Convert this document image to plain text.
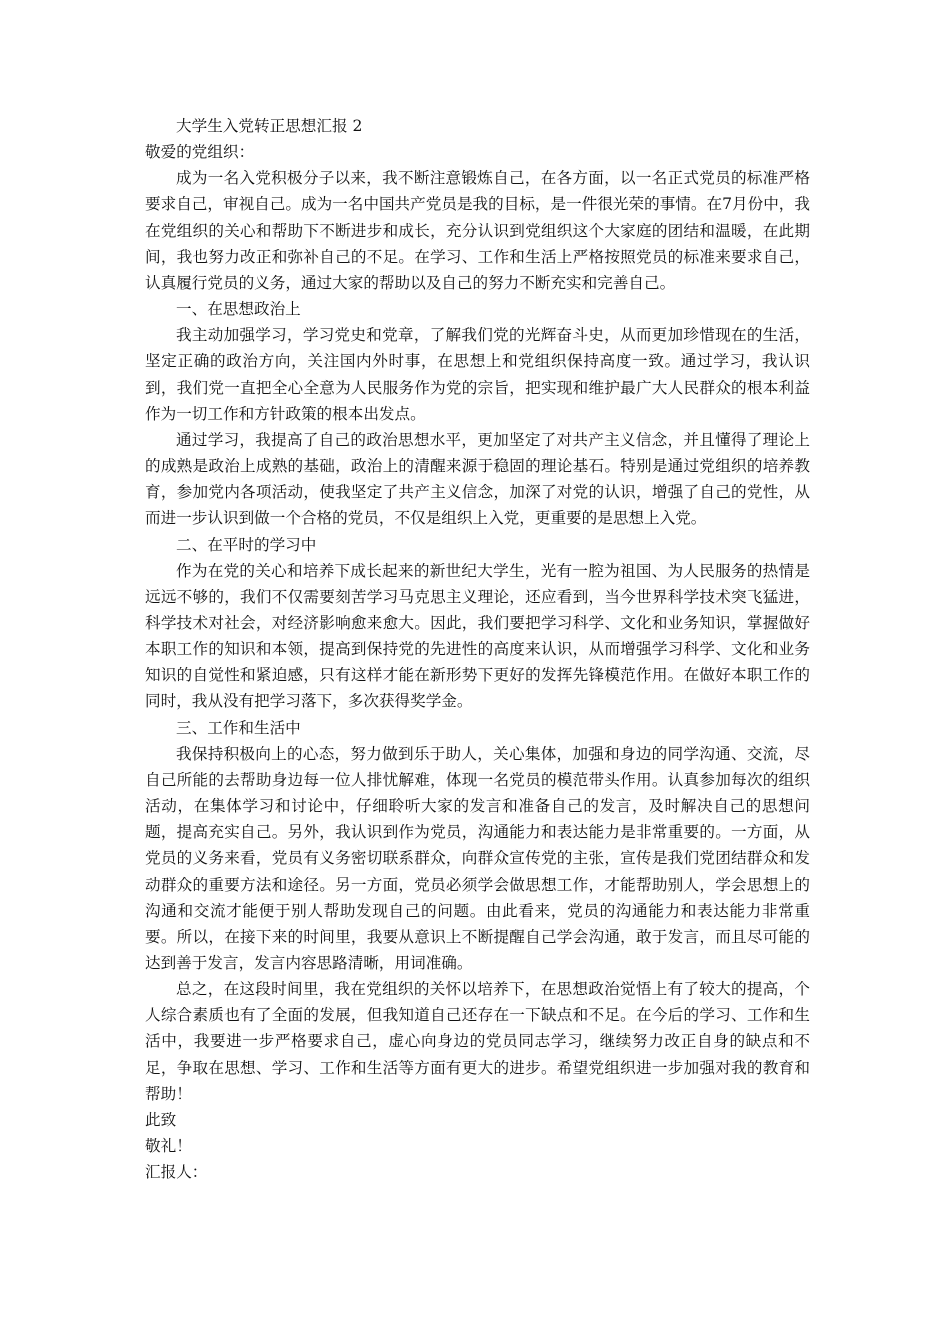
大学生入党转正思想汇报 2

敬爱的党组织：

成为一名入党积极分子以来，我不断注意锻炼自己，在各方面，以一名正式党员的标准严格要求自己，审视自己。成为一名中国共产党员是我的目标，是一件很光荣的事情。在7月份中，我在党组织的关心和帮助下不断进步和成长，充分认识到党组织这个大家庭的团结和温暖，在此期间，我也努力改正和弥补自己的不足。在学习、工作和生活上严格按照党员的标准来要求自己，认真履行党员的义务，通过大家的帮助以及自己的努力不断充实和完善自己。

一、在思想政治上

我主动加强学习，学习党史和党章，了解我们党的光辉奋斗史，从而更加珍惜现在的生活，坚定正确的政治方向，关注国内外时事，在思想上和党组织保持高度一致。通过学习，我认识到，我们党一直把全心全意为人民服务作为党的宗旨，把实现和维护最广大人民群众的根本利益作为一切工作和方针政策的根本出发点。

通过学习，我提高了自己的政治思想水平，更加坚定了对共产主义信念，并且懂得了理论上的成熟是政治上成熟的基础，政治上的清醒来源于稳固的理论基石。特别是通过党组织的培养教育，参加党内各项活动，使我坚定了共产主义信念，加深了对党的认识，增强了自己的党性，从而进一步认识到做一个合格的党员，不仅是组织上入党，更重要的是思想上入党。

二、在平时的学习中

作为在党的关心和培养下成长起来的新世纪大学生，光有一腔为祖国、为人民服务的热情是远远不够的，我们不仅需要刻苦学习马克思主义理论，还应看到，当今世界科学技术突飞猛进，科学技术对社会，对经济影响愈来愈大。因此，我们要把学习科学、文化和业务知识，掌握做好本职工作的知识和本领，提高到保持党的先进性的高度来认识，从而增强学习科学、文化和业务知识的自觉性和紧迫感，只有这样才能在新形势下更好的发挥先锋模范作用。在做好本职工作的同时，我从没有把学习落下，多次获得奖学金。

三、工作和生活中

我保持积极向上的心态，努力做到乐于助人，关心集体，加强和身边的同学沟通、交流，尽自己所能的去帮助身边每一位人排忧解难，体现一名党员的模范带头作用。认真参加每次的组织活动，在集体学习和讨论中，仔细聆听大家的发言和准备自己的发言，及时解决自己的思想问题，提高充实自己。另外，我认识到作为党员，沟通能力和表达能力是非常重要的。一方面，从党员的义务来看，党员有义务密切联系群众，向群众宣传党的主张，宣传是我们党团结群众和发动群众的重要方法和途径。另一方面，党员必须学会做思想工作，才能帮助别人，学会思想上的沟通和交流才能便于别人帮助发现自己的问题。由此看来，党员的沟通能力和表达能力非常重要。所以，在接下来的时间里，我要从意识上不断提醒自己学会沟通，敢于发言，而且尽可能的达到善于发言，发言内容思路清晰，用词准确。

总之，在这段时间里，我在党组织的关怀以培养下，在思想政治觉悟上有了较大的提高，个人综合素质也有了全面的发展，但我知道自己还存在一下缺点和不足。在今后的学习、工作和生活中，我要进一步严格要求自己，虚心向身边的党员同志学习，继续努力改正自身的缺点和不足，争取在思想、学习、工作和生活等方面有更大的进步。希望党组织进一步加强对我的教育和帮助！

此致

敬礼！

汇报人：
